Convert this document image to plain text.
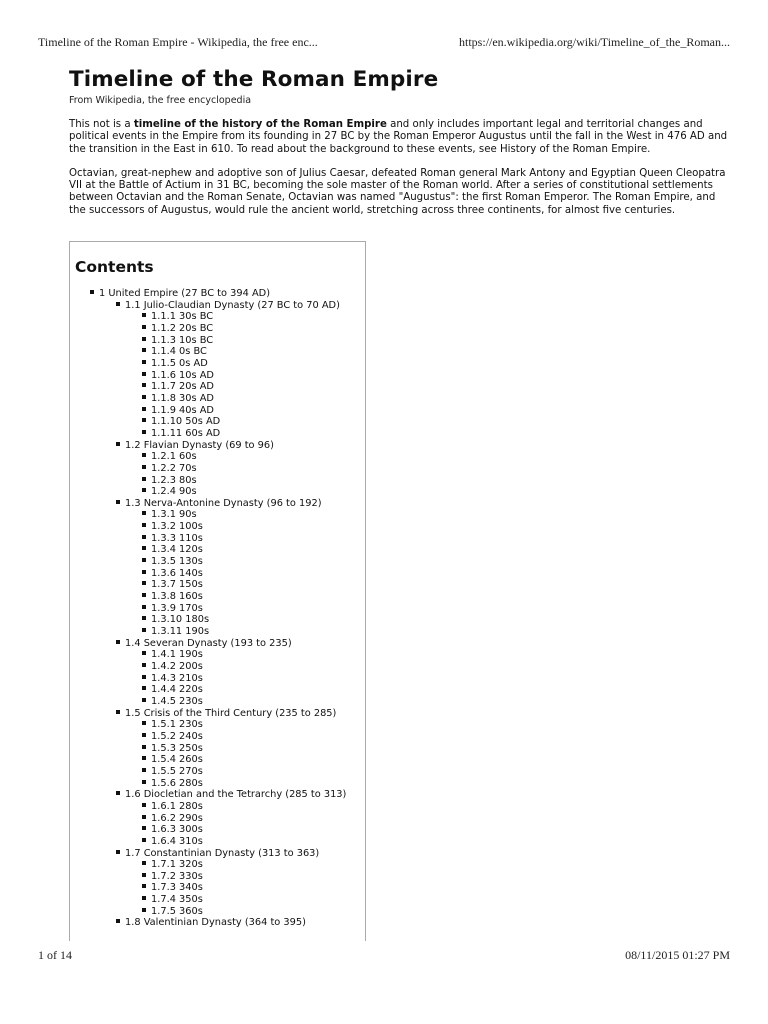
Timeline of the Roman Empire - Wikipedia, the free enc...	https://en.wikipedia.org/wiki/Timeline_of_the_Roman...
Timeline of the Roman Empire
From Wikipedia, the free encyclopedia

This not is a timeline of the history of the Roman Empire and only includes important legal and territorial changes and political events in the Empire from its founding in 27 BC by the Roman Emperor Augustus until the fall in the West in 476 AD and the transition in the East in 610. To read about the background to these events, see History of the Roman Empire.

Octavian, great-nephew and adoptive son of Julius Caesar, defeated Roman general Mark Antony and Egyptian Queen Cleopatra VII at the Battle of Actium in 31 BC, becoming the sole master of the Roman world. After a series of constitutional settlements between Octavian and the Roman Senate, Octavian was named "Augustus": the first Roman Emperor. The Roman Empire, and the successors of Augustus, would rule the ancient world, stretching across three continents, for almost five centuries.

Contents
1 United Empire (27 BC to 394 AD)
1.1 Julio-Claudian Dynasty (27 BC to 70 AD)
1.1.1 30s BC
1.1.2 20s BC
1.1.3 10s BC
1.1.4 0s BC
1.1.5 0s AD
1.1.6 10s AD
1.1.7 20s AD
1.1.8 30s AD
1.1.9 40s AD
1.1.10 50s AD
1.1.11 60s AD
1.2 Flavian Dynasty (69 to 96)
1.2.1 60s
1.2.2 70s
1.2.3 80s
1.2.4 90s
1.3 Nerva-Antonine Dynasty (96 to 192)
1.3.1 90s
1.3.2 100s
1.3.3 110s
1.3.4 120s
1.3.5 130s
1.3.6 140s
1.3.7 150s
1.3.8 160s
1.3.9 170s
1.3.10 180s
1.3.11 190s
1.4 Severan Dynasty (193 to 235)
1.4.1 190s
1.4.2 200s
1.4.3 210s
1.4.4 220s
1.4.5 230s
1.5 Crisis of the Third Century (235 to 285)
1.5.1 230s
1.5.2 240s
1.5.3 250s
1.5.4 260s
1.5.5 270s
1.5.6 280s
1.6 Diocletian and the Tetrarchy (285 to 313)
1.6.1 280s
1.6.2 290s
1.6.3 300s
1.6.4 310s
1.7 Constantinian Dynasty (313 to 363)
1.7.1 320s
1.7.2 330s
1.7.3 340s
1.7.4 350s
1.7.5 360s
1.8 Valentinian Dynasty (364 to 395)
1 of 14	08/11/2015 01:27 PM
